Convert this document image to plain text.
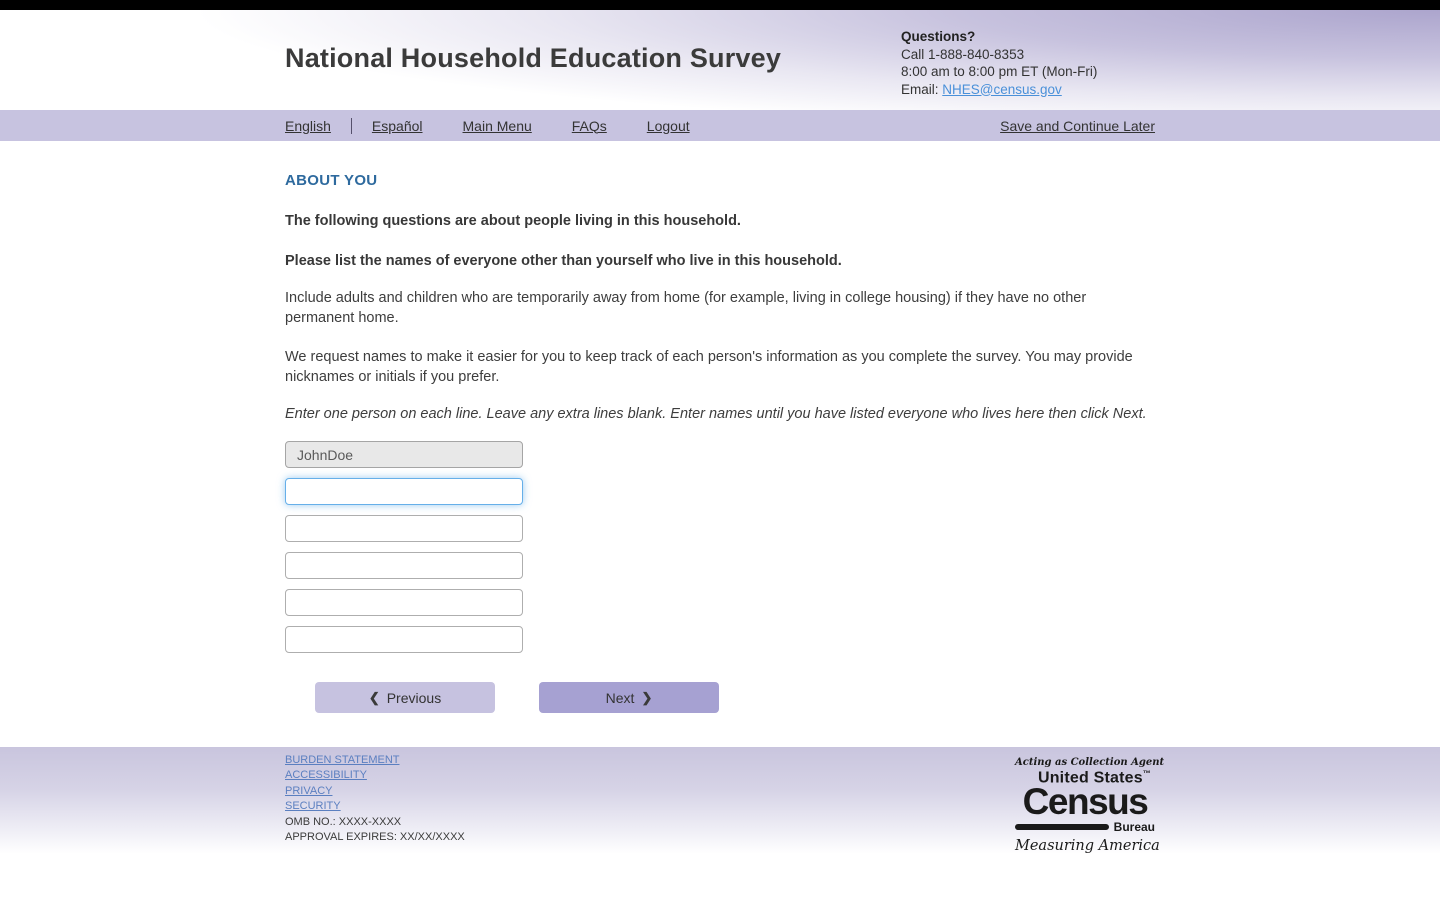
National Household Education Survey
Questions?
Call 1-888-840-8353
8:00 am to 8:00 pm ET (Mon-Fri)
Email: NHES@census.gov
English	Español	Main Menu	FAQs	Logout	Save and Continue Later
ABOUT YOU

The following questions are about people living in this household.

Please list the names of everyone other than yourself who live in this household.

Include adults and children who are temporarily away from home (for example, living in college housing) if they have no other permanent home.

We request names to make it easier for you to keep track of each person's information as you complete the survey. You may provide nicknames or initials if you prefer.

Enter one person on each line. Leave any extra lines blank. Enter names until you have listed everyone who lives here then click Next.

JohnDoe
❮ Previous	Next ❯
BURDEN STATEMENT
ACCESSIBILITY
PRIVACY
SECURITY
OMB NO.: XXXX-XXXX
APPROVAL EXPIRES: XX/XX/XXXX
Acting as Collection Agent
United States™
Census
Bureau
Measuring America
